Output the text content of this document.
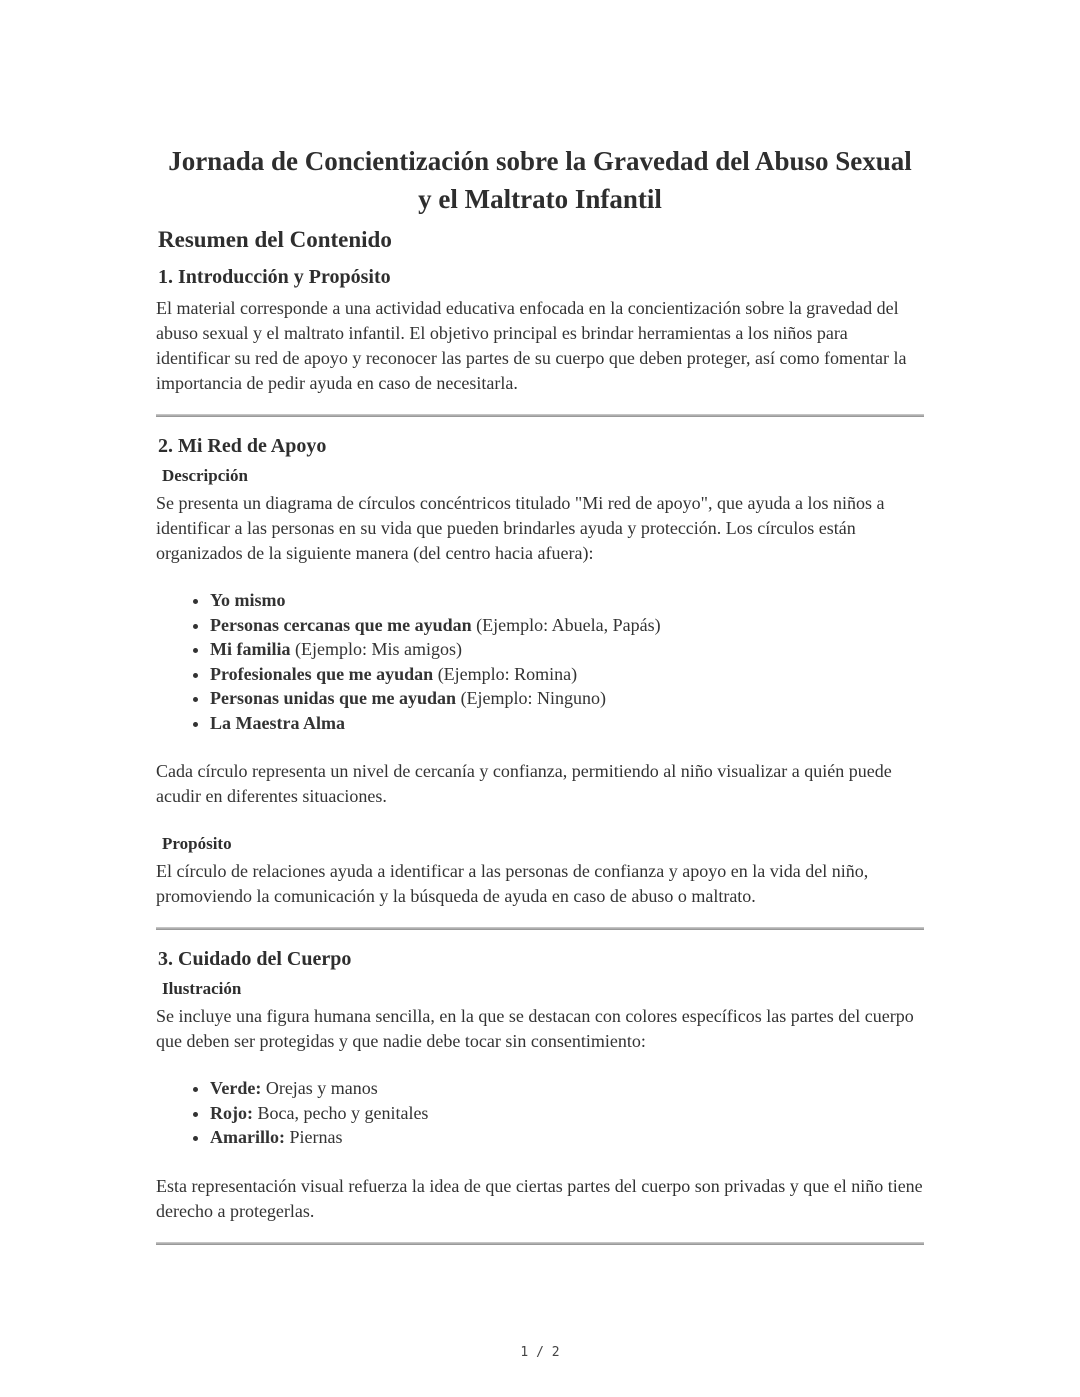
Jornada de Concientización sobre la Gravedad del Abuso Sexual
y el Maltrato Infantil
Resumen del Contenido
1. Introducción y Propósito

El material corresponde a una actividad educativa enfocada en la concientización sobre la gravedad del abuso sexual y el maltrato infantil. El objetivo principal es brindar herramientas a los niños para identificar su red de apoyo y reconocer las partes de su cuerpo que deben proteger, así como fomentar la importancia de pedir ayuda en caso de necesitarla.

2. Mi Red de Apoyo
Descripción

Se presenta un diagrama de círculos concéntricos titulado "Mi red de apoyo", que ayuda a los niños a identificar a las personas en su vida que pueden brindarles ayuda y protección. Los círculos están organizados de la siguiente manera (del centro hacia afuera):

• Yo mismo
• Personas cercanas que me ayudan (Ejemplo: Abuela, Papás)
• Mi familia (Ejemplo: Mis amigos)
• Profesionales que me ayudan (Ejemplo: Romina)
• Personas unidas que me ayudan (Ejemplo: Ninguno)
• La Maestra Alma

Cada círculo representa un nivel de cercanía y confianza, permitiendo al niño visualizar a quién puede acudir en diferentes situaciones.

Propósito

El círculo de relaciones ayuda a identificar a las personas de confianza y apoyo en la vida del niño, promoviendo la comunicación y la búsqueda de ayuda en caso de abuso o maltrato.

3. Cuidado del Cuerpo
Ilustración

Se incluye una figura humana sencilla, en la que se destacan con colores específicos las partes del cuerpo que deben ser protegidas y que nadie debe tocar sin consentimiento:

• Verde: Orejas y manos
• Rojo: Boca, pecho y genitales
• Amarillo: Piernas

Esta representación visual refuerza la idea de que ciertas partes del cuerpo son privadas y que el niño tiene derecho a protegerlas.

1 / 2
